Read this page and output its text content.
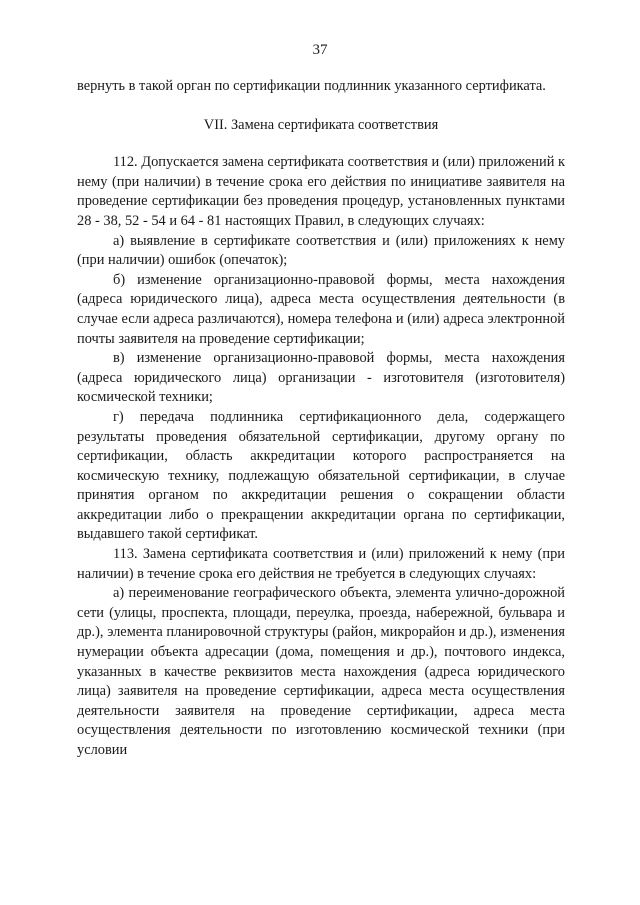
37

вернуть в такой орган по сертификации подлинник указанного сертификата.

VII. Замена сертификата соответствия

112. Допускается замена сертификата соответствия и (или) приложений к нему (при наличии) в течение срока его действия по инициативе заявителя на проведение сертификации без проведения процедур, установленных пунктами 28 - 38, 52 - 54 и 64 - 81 настоящих Правил, в следующих случаях:

а) выявление в сертификате соответствия и (или) приложениях к нему (при наличии) ошибок (опечаток);

б) изменение организационно-правовой формы, места нахождения (адреса юридического лица), адреса места осуществления деятельности (в случае если адреса различаются), номера телефона и (или) адреса электронной почты заявителя на проведение сертификации;

в) изменение организационно-правовой формы, места нахождения (адреса юридического лица) организации - изготовителя (изготовителя) космической техники;

г) передача подлинника сертификационного дела, содержащего результаты проведения обязательной сертификации, другому органу по сертификации, область аккредитации которого распространяется на космическую технику, подлежащую обязательной сертификации, в случае принятия органом по аккредитации решения о сокращении области аккредитации либо о прекращении аккредитации органа по сертификации, выдавшего такой сертификат.

113. Замена сертификата соответствия и (или) приложений к нему (при наличии) в течение срока его действия не требуется в следующих случаях:

а) переименование географического объекта, элемента улично-дорожной сети (улицы, проспекта, площади, переулка, проезда, набережной, бульвара и др.), элемента планировочной структуры (район, микрорайон и др.), изменения нумерации объекта адресации (дома, помещения и др.), почтового индекса, указанных в качестве реквизитов места нахождения (адреса юридического лица) заявителя на проведение сертификации, адреса места осуществления деятельности заявителя на проведение сертификации, адреса места осуществления деятельности по изготовлению космической техники (при условии
